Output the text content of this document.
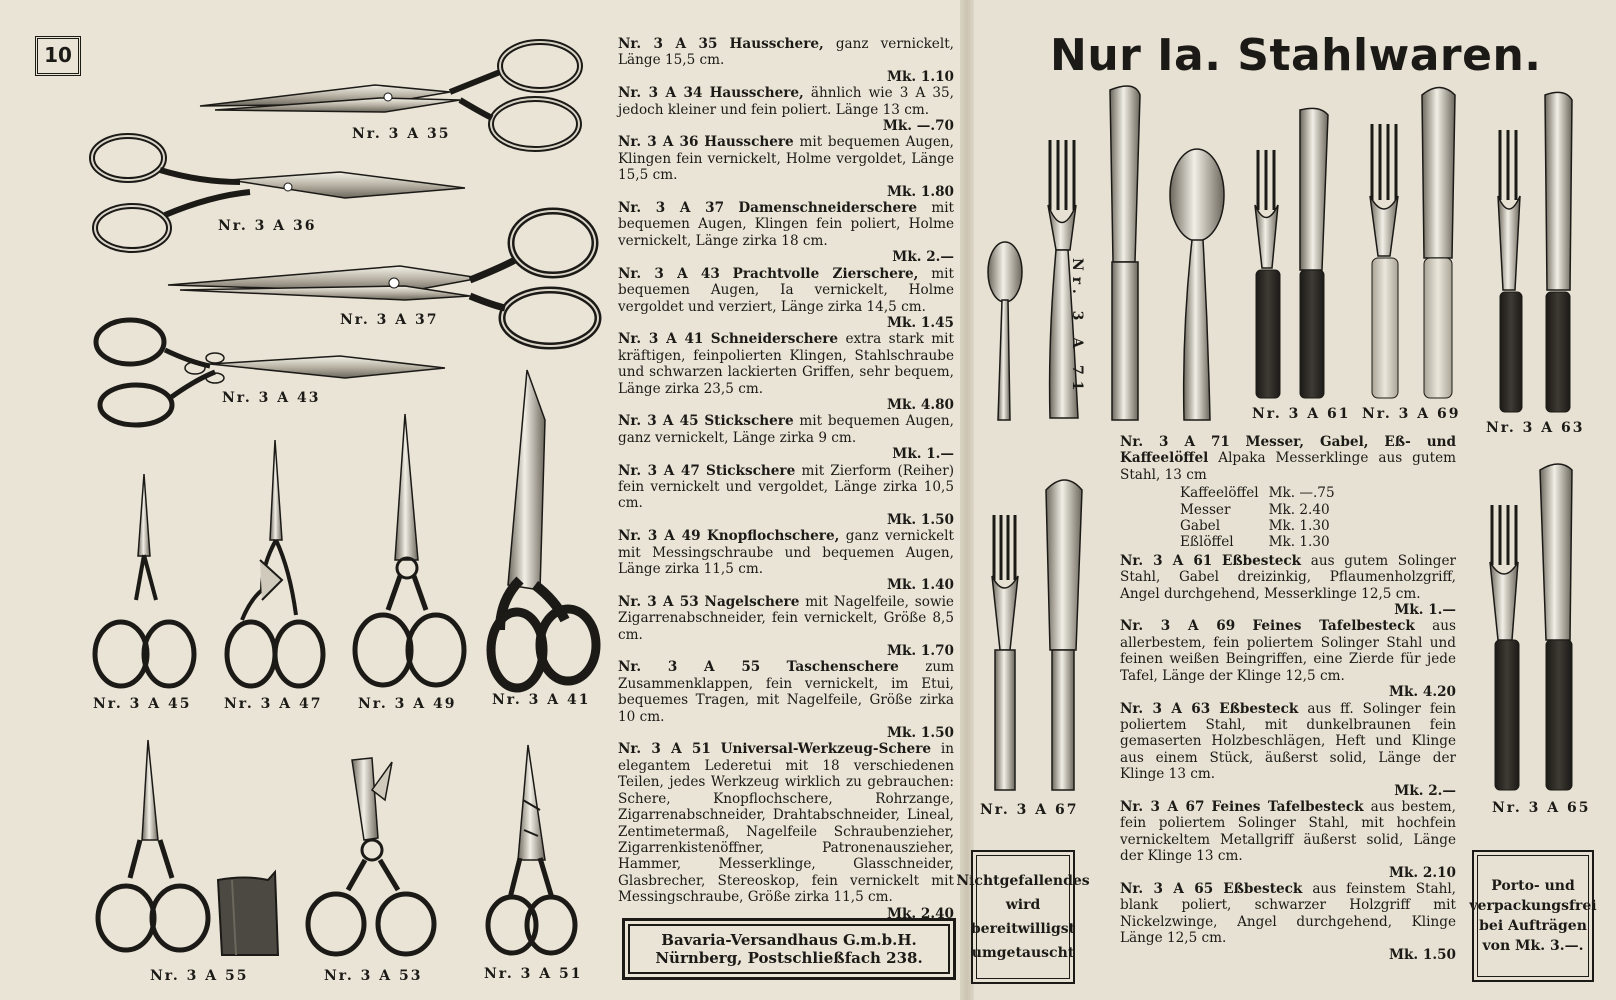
10
Nr. 3 A 35
Nr. 3 A 36
Nr. 3 A 37
Nr. 3 A 43
Nr. 3 A 45 Nr. 3 A 47	Nr. 3 A 49	Nr. 3 A 41
Nr. 3 A 55	Nr. 3 A 53	Nr. 3 A 51
Nr. 3 A 71
Nr. 3 A 61 Nr. 3 A 69
Nr. 3 A 63
Nr. 3 A 67	Nr. 3 A 65
Nur Ia. Stahlwaren.
Nr. 3 A 35 Hausschere, ganz vernickelt, Länge 15,5 cm.
Mk. 1.10
Nr. 3 A 34 Hausschere, ähnlich wie 3 A 35, jedoch kleiner und fein poliert. Länge 13 cm.
Mk. —.70
Nr. 3 A 36 Hausschere mit bequemen Augen, Klingen fein vernickelt, Holme vergoldet, Länge 15,5 cm.
Mk. 1.80
Nr. 3 A 37 Damenschneiderschere mit bequemen Augen, Klingen fein poliert, Holme vernickelt, Länge zirka 18 cm.
Mk. 2.—
Nr. 3 A 43 Prachtvolle Zierschere, mit bequemen Augen, Ia vernickelt, Holme vergoldet und verziert, Länge zirka 14,5 cm.
Mk. 1.45
Nr. 3 A 41 Schneiderschere extra stark mit kräftigen, feinpolierten Klingen, Stahlschraube und schwarzen lackierten Griffen, sehr bequem, Länge zirka 23,5 cm.
Mk. 4.80
Nr. 3 A 45 Stickschere mit bequemen Augen, ganz vernickelt, Länge zirka 9 cm.
Mk. 1.—
Nr. 3 A 47 Stickschere mit Zierform (Reiher) fein vernickelt und vergoldet, Länge zirka 10,5 cm.
Mk. 1.50
Nr. 3 A 49 Knopflochschere, ganz vernickelt mit Messingschraube und bequemen Augen, Länge zirka 11,5 cm.
Mk. 1.40
Nr. 3 A 53 Nagelschere mit Nagelfeile, sowie Zigarrenabschneider, fein vernickelt, Größe 8,5 cm.
Mk. 1.70
Nr. 3 A 55 Taschenschere zum Zusammenklappen, fein vernickelt, im Etui, bequemes Tragen, mit Nagelfeile, Größe zirka 10 cm.
Mk. 1.50
Nr. 3 A 51 Universal-Werkzeug-Schere in elegantem Lederetui mit 18 verschiedenen Teilen, jedes Werkzeug wirklich zu gebrauchen: Schere, Knopflochschere, Rohrzange, Zigarrenabschneider, Drahtabschneider, Lineal, Zentimetermaß, Nagelfeile Schraubenzieher, Zigarrenkistenöffner, Patronenauszieher, Hammer, Messerklinge, Glasschneider, Glasbrecher, Stereoskop, fein vernickelt mit Messingschraube, Größe zirka 11,5 cm.
Mk. 2.40
Bavaria-Versandhaus G.m.b.H.
Nürnberg, Postschließfach 238.
Nr. 3 A 71 Messer, Gabel, Eß- und Kaffeelöffel Alpaka Messerklinge aus gutem Stahl, 13 cm
Kaffeelöffel	Mk. —.75
Messer	Mk. 2.40
Gabel	Mk. 1.30
Eßlöffel	Mk. 1.30
Nr. 3 A 61 Eßbesteck aus gutem Solinger Stahl, Gabel dreizinkig, Pflaumenholzgriff, Angel durchgehend, Messerklinge 12,5 cm.
Mk. 1.—
Nr. 3 A 69 Feines Tafelbesteck aus allerbestem, fein poliertem Solinger Stahl und feinen weißen Beingriffen, eine Zierde für jede Tafel, Länge der Klinge 12,5 cm.
Mk. 4.20
Nr. 3 A 63 Eßbesteck aus ff. Solinger fein poliertem Stahl, mit dunkelbraunen fein gemaserten Holzbeschlägen, Heft und Klinge aus einem Stück, äußerst solid, Länge der Klinge 13 cm.
Mk. 2.—
Nr. 3 A 67 Feines Tafelbesteck aus bestem, fein poliertem Solinger Stahl, mit hochfein vernickeltem Metallgriff äußerst solid, Länge der Klinge 13 cm.
Mk. 2.10
Nr. 3 A 65 Eßbesteck aus feinstem Stahl, blank poliert, schwarzer Holzgriff mit Nickelzwinge, Angel durchgehend, Klinge Länge 12,5 cm.
Mk. 1.50
Nichtgefallendes wird bereitwilligst umgetauscht
Porto- und verpackungsfrei bei Aufträgen von Mk. 3.—.
